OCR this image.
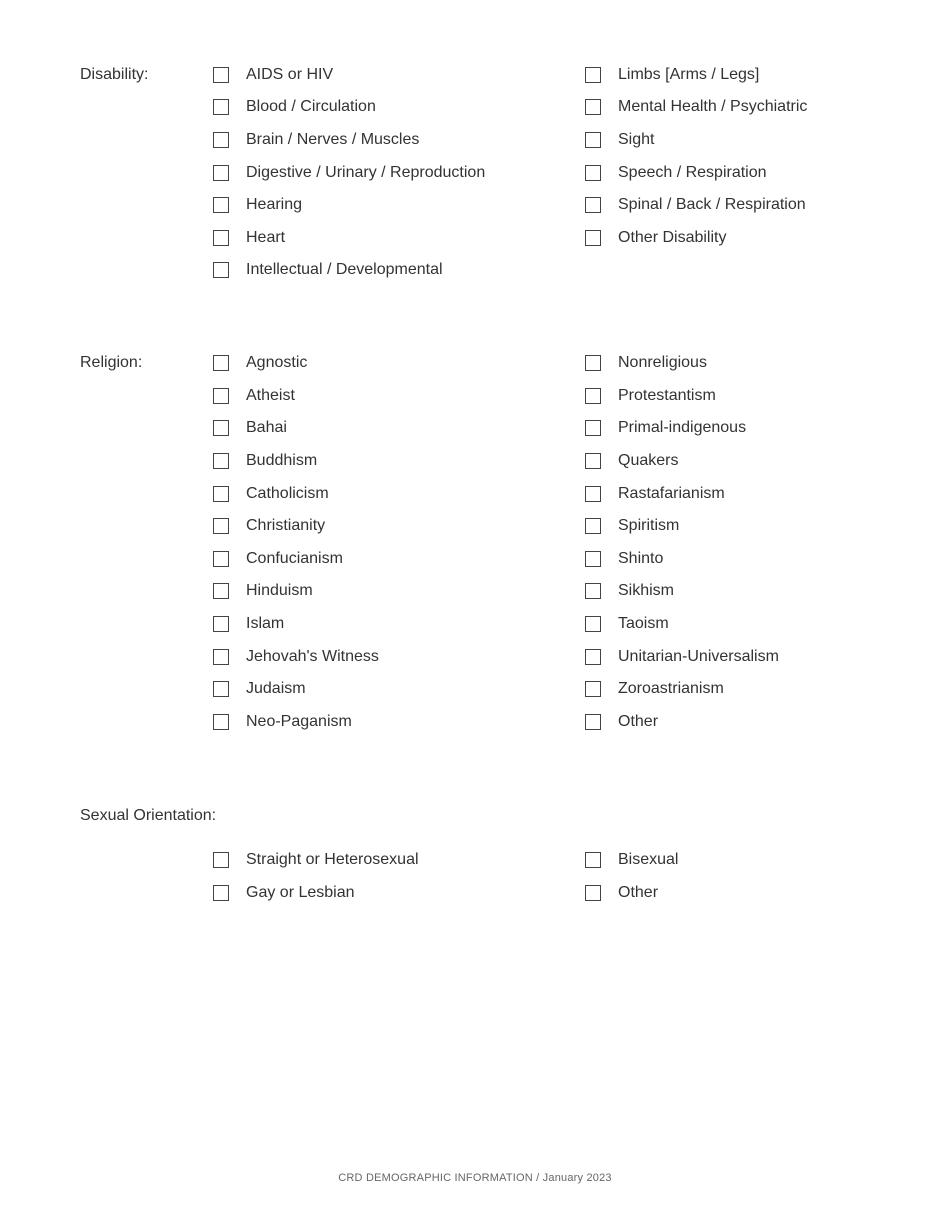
Disability:	AIDS or HIV
Blood / Circulation
Brain / Nerves / Muscles
Digestive / Urinary / Reproduction
Hearing
Heart
Intellectual / Developmental
Limbs [Arms / Legs]
Mental Health / Psychiatric
Sight
Speech / Respiration
Spinal / Back / Respiration
Other Disability
Religion:	Agnostic
Atheist
Bahai
Buddhism
Catholicism
Christianity
Confucianism
Hinduism
Islam
Jehovah's Witness
Judaism
Neo-Paganism
Nonreligious
Protestantism
Primal-indigenous
Quakers
Rastafarianism
Spiritism
Shinto
Sikhism
Taoism
Unitarian-Universalism
Zoroastrianism
Other
Sexual Orientation:
Straight or Heterosexual
Gay or Lesbian
Bisexual
Other
CRD DEMOGRAPHIC INFORMATION / January 2023
